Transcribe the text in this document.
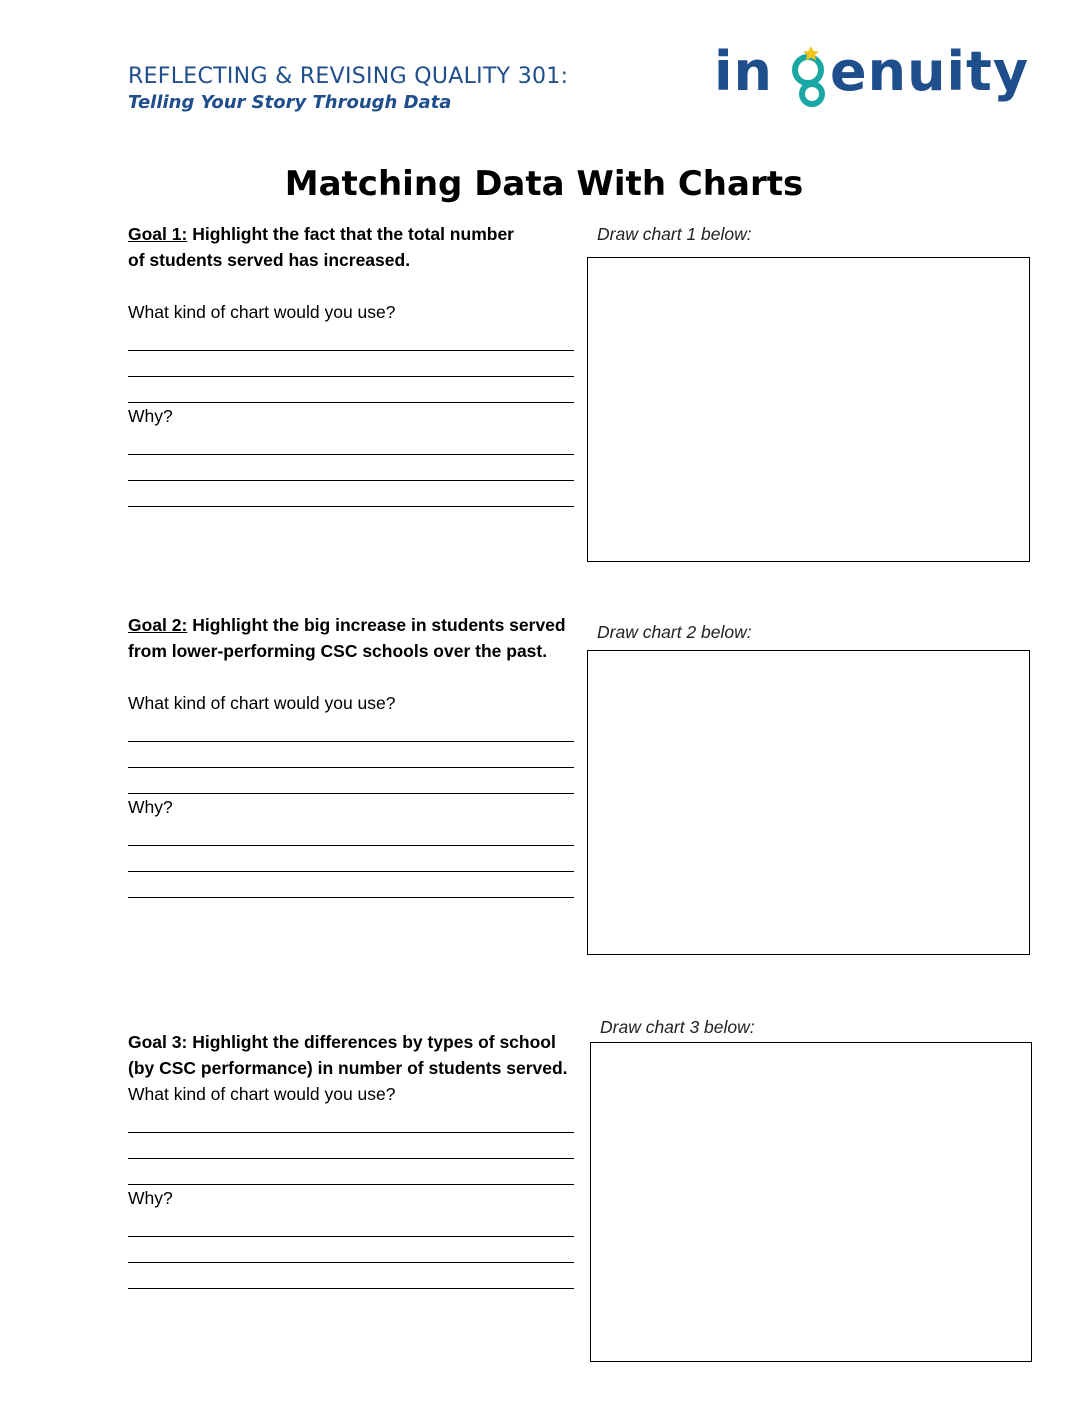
REFLECTING & REVISING QUALITY 301:
Telling Your Story Through Data	in enuity
Matching Data With Charts
Goal 1: Highlight the fact that the total number
of students served has increased.
What kind of chart would you use?
Why?
Draw chart 1 below:
Goal 2: Highlight the big increase in students served
from lower-performing CSC schools over the past.
What kind of chart would you use?
Why?
Draw chart 2 below:
Goal 3: Highlight the differences by types of school
(by CSC performance) in number of students served.
What kind of chart would you use?
Why?
Draw chart 3 below:
